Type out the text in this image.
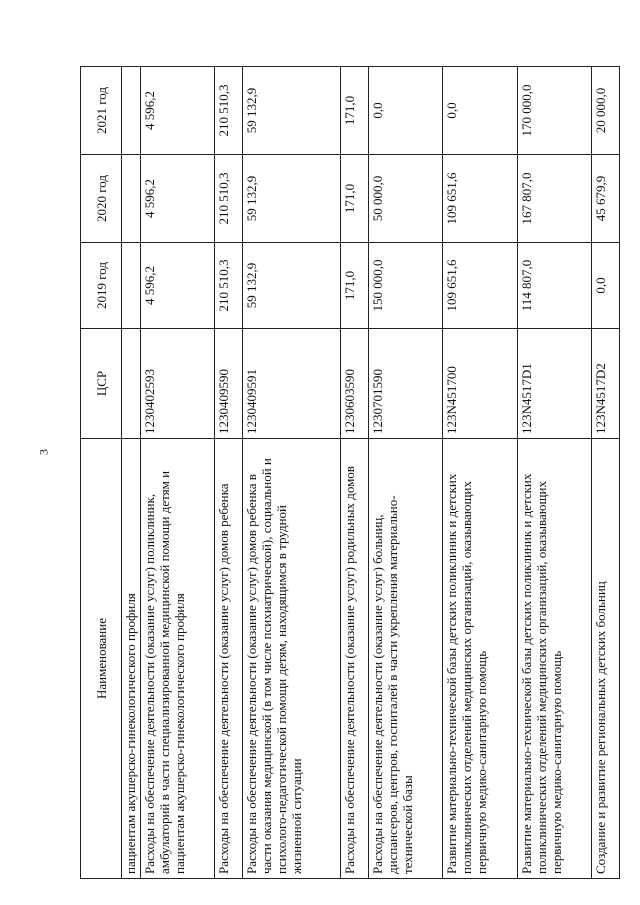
3
Наименование	ЦСР	2019 год	2020 год	2021 год
пациентам акушерско-гинекологического профиля				
Расходы на обеспечение деятельности (оказание услуг) поликлиник, амбулаторий в части специализированной медицинской помощи детям и пациентам акушерско-гинекологического профиля	1230402593	4 596,2	4 596,2	4 596,2
Расходы на обеспечение деятельности (оказание услуг) домов ребенка	1230409590	210 510,3	210 510,3	210 510,3
Расходы на обеспечение деятельности (оказание услуг) домов ребенка в части оказания медицинской (в том числе психиатрической), социальной и психолого-педагогической помощи детям, находящимся в трудной жизненной ситуации	1230409591	59 132,9	59 132,9	59 132,9
Расходы на обеспечение деятельности (оказание услуг) родильных домов	1230603590	171,0	171,0	171,0
Расходы на обеспечение деятельности (оказание услуг) больниц, диспансеров, центров, госпиталей в части укрепления материально-технической базы	1230701590	150 000,0	50 000,0	0,0
Развитие материально-технической базы детских поликлиник и детских поликлинических отделений медицинских организаций, оказывающих первичную медико-санитарную помощь	123N451700	109 651,6	109 651,6	0,0
Развитие материально-технической базы детских поликлиник и детских поликлинических отделений медицинских организаций, оказывающих первичную медико-санитарную помощь	123N4517D1	114 807,0	167 807,0	170 000,0
Создание и развитие региональных детских больниц	123N4517D2	0,0	45 679,9	20 000,0
